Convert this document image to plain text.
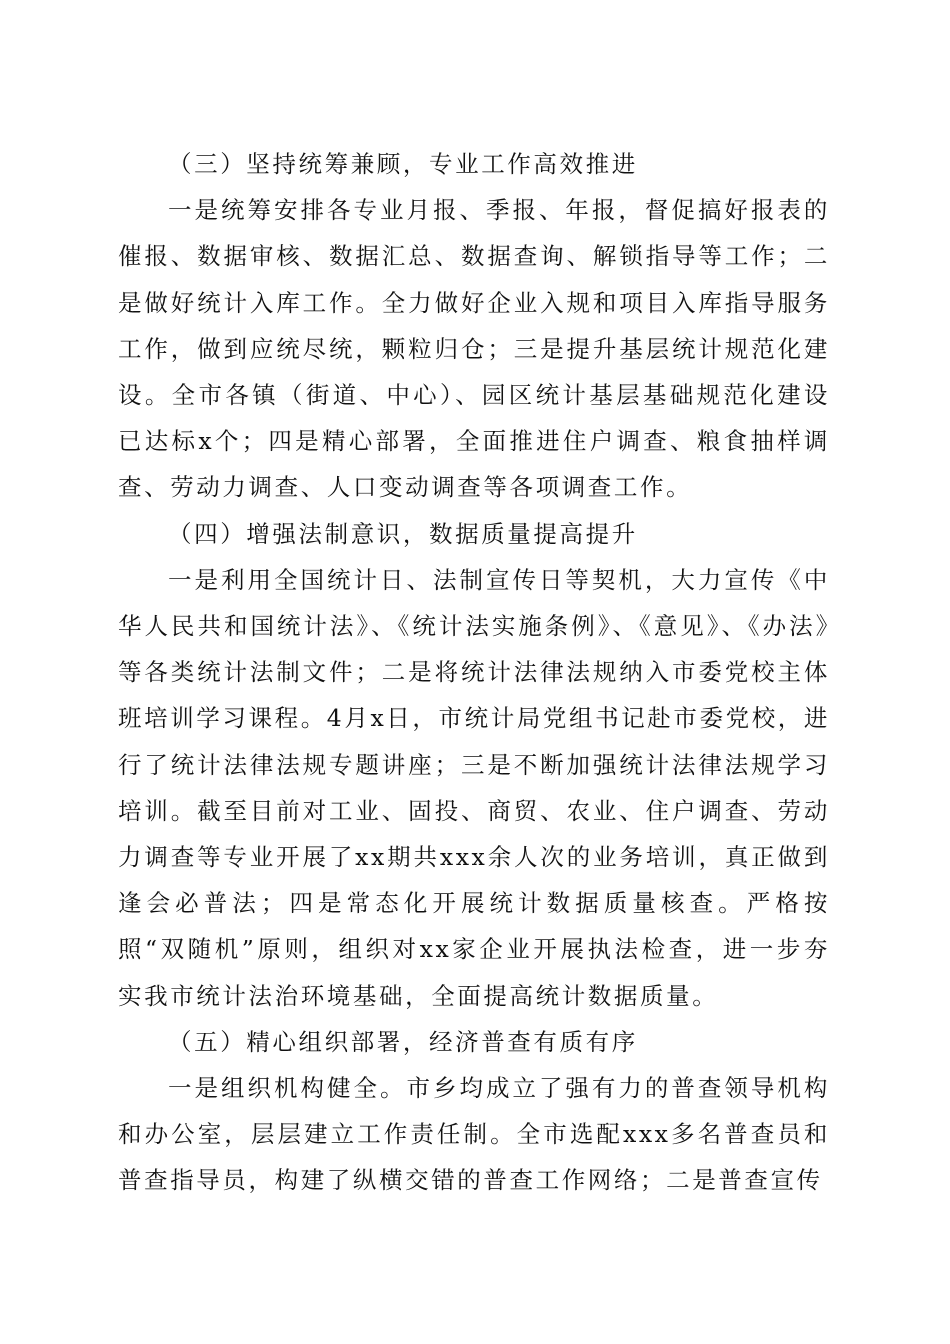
（三）坚持统筹兼顾，专业工作高效推进

一是统筹安排各专业月报、季报、年报，督促搞好报表的催报、数据审核、数据汇总、数据查询、解锁指导等工作；二是做好统计入库工作。全力做好企业入规和项目入库指导服务工作，做到应统尽统，颗粒归仓；三是提升基层统计规范化建设。全市各镇（街道、中心）、园区统计基层基础规范化建设已达标x个；四是精心部署，全面推进住户调查、粮食抽样调查、劳动力调查、人口变动调查等各项调查工作。

（四）增强法制意识，数据质量提高提升

一是利用全国统计日、法制宣传日等契机，大力宣传《中华人民共和国统计法》、《统计法实施条例》、《意见》、《办法》等各类统计法制文件；二是将统计法律法规纳入市委党校主体班培训学习课程。4月x日，市统计局党组书记赴市委党校，进行了统计法律法规专题讲座；三是不断加强统计法律法规学习培训。截至目前对工业、固投、商贸、农业、住户调查、劳动力调查等专业开展了xx期共xxx余人次的业务培训，真正做到逢会必普法；四是常态化开展统计数据质量核查。严格按照“双随机”原则，组织对xx家企业开展执法检查，进一步夯实我市统计法治环境基础，全面提高统计数据质量。

（五）精心组织部署，经济普查有质有序

一是组织机构健全。市乡均成立了强有力的普查领导机构和办公室，层层建立工作责任制。全市选配xxx多名普查员和普查指导员，构建了纵横交错的普查工作网络；二是普查宣传
